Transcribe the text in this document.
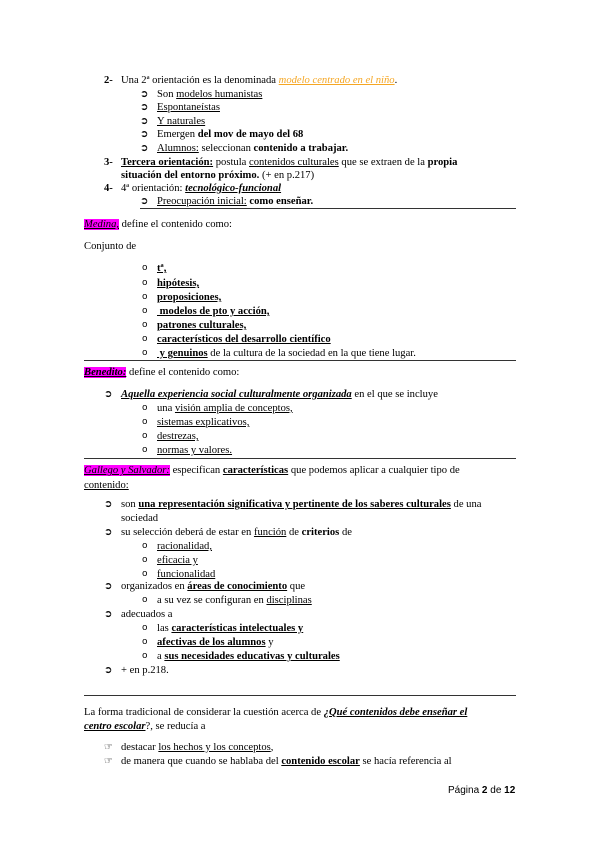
2- Una 2ª orientación es la denominada modelo centrado en el niño.
➲ Son modelos humanistas
➲ Espontaneístas
➲ Y naturales
➲ Emergen del mov de mayo del 68
➲ Alumnos: seleccionan contenido a trabajar.
3- Tercera orientación: postula contenidos culturales que se extraen de la propia
situación del entorno próximo. (+ en p.217)
4- 4ª orientación: tecnológico-funcional
➲ Preocupación inicial: como enseñar.
Medina, define el contenido como:
Conjunto de
o tª,
o hipótesis,
o proposiciones,
o modelos de pto y acción,
o patrones culturales,
o característicos del desarrollo científico
o y genuinos de la cultura de la sociedad en la que tiene lugar.
Benedito: define el contenido como:
➲ Aquella experiencia social culturalmente organizada en el que se incluye
o una visión amplia de conceptos,
o sistemas explicativos,
o destrezas,
o normas y valores.
Gallego y Salvador: especifican características que podemos aplicar a cualquier tipo de
contenido:
➲ son una representación significativa y pertinente de los saberes culturales de una
sociedad
➲ su selección deberá de estar en función de criterios de
o racionalidad,
o eficacia y
o funcionalidad
➲ organizados en áreas de conocimiento que
o a su vez se configuran en disciplinas
➲ adecuados a
o las características intelectuales y
o afectivas de los alumnos y
o a sus necesidades educativas y culturales
➲ + en p.218.
La forma tradicional de considerar la cuestión acerca de ¿Qué contenidos debe enseñar el
centro escolar?, se reducía a
☞ destacar los hechos y los conceptos,
☞ de manera que cuando se hablaba del contenido escolar se hacía referencia al
Página 2 de 12
